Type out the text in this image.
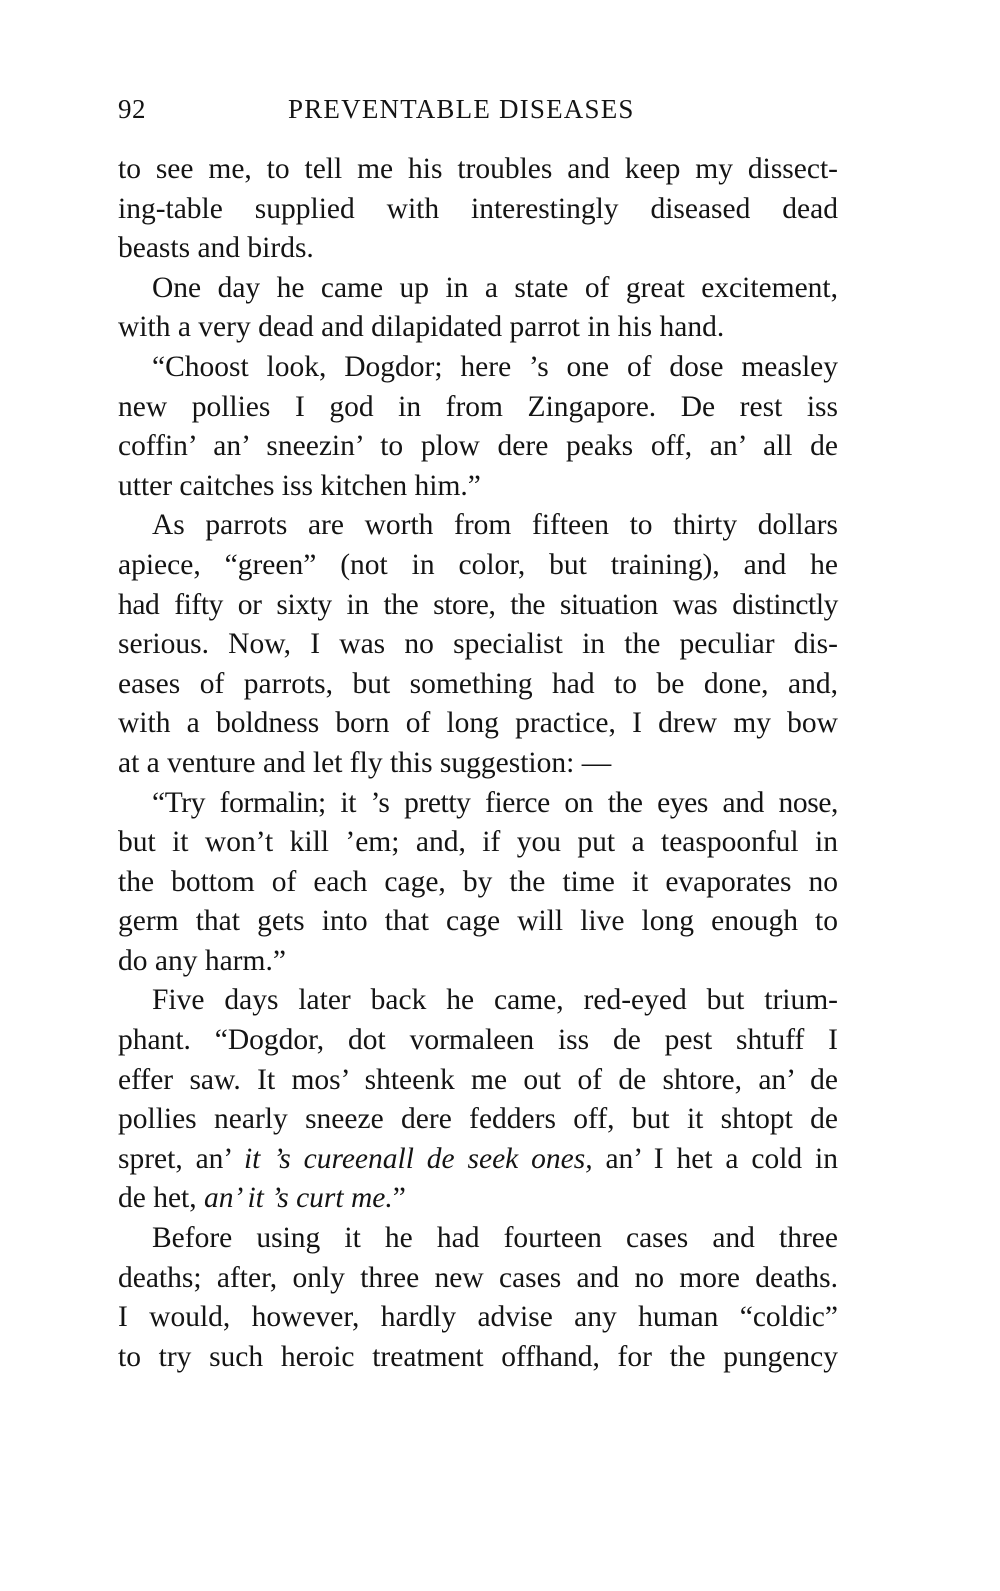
92	PREVENTABLE DISEASES
to see me, to tell me his troubles and keep my dissect-
ing-table supplied with interestingly diseased dead
beasts and birds.
One day he came up in a state of great excitement,
with a very dead and dilapidated parrot in his hand.
“Choost look, Dogdor; here ’s one of dose measley
new pollies I god in from Zingapore. De rest iss
coffin’ an’ sneezin’ to plow dere peaks off, an’ all de
utter caitches iss kitchen him.”
As parrots are worth from fifteen to thirty dollars
apiece, “green” (not in color, but training), and he
had fifty or sixty in the store, the situation was distinctly
serious. Now, I was no specialist in the peculiar dis-
eases of parrots, but something had to be done, and,
with a boldness born of long practice, I drew my bow
at a venture and let fly this suggestion: —
“Try formalin; it ’s pretty fierce on the eyes and nose,
but it won’t kill ’em; and, if you put a teaspoonful in
the bottom of each cage, by the time it evaporates no
germ that gets into that cage will live long enough to
do any harm.”
Five days later back he came, red-eyed but trium-
phant. “Dogdor, dot vormaleen iss de pest shtuff I
effer saw. It mos’ shteenk me out of de shtore, an’ de
pollies nearly sneeze dere fedders off, but it shtopt de
spret, an’ it ’s cureenall de seek ones, an’ I het a cold in
de het, an’ it ’s curt me.”
Before using it he had fourteen cases and three
deaths; after, only three new cases and no more deaths.
I would, however, hardly advise any human “coldic”
to try such heroic treatment offhand, for the pungency
